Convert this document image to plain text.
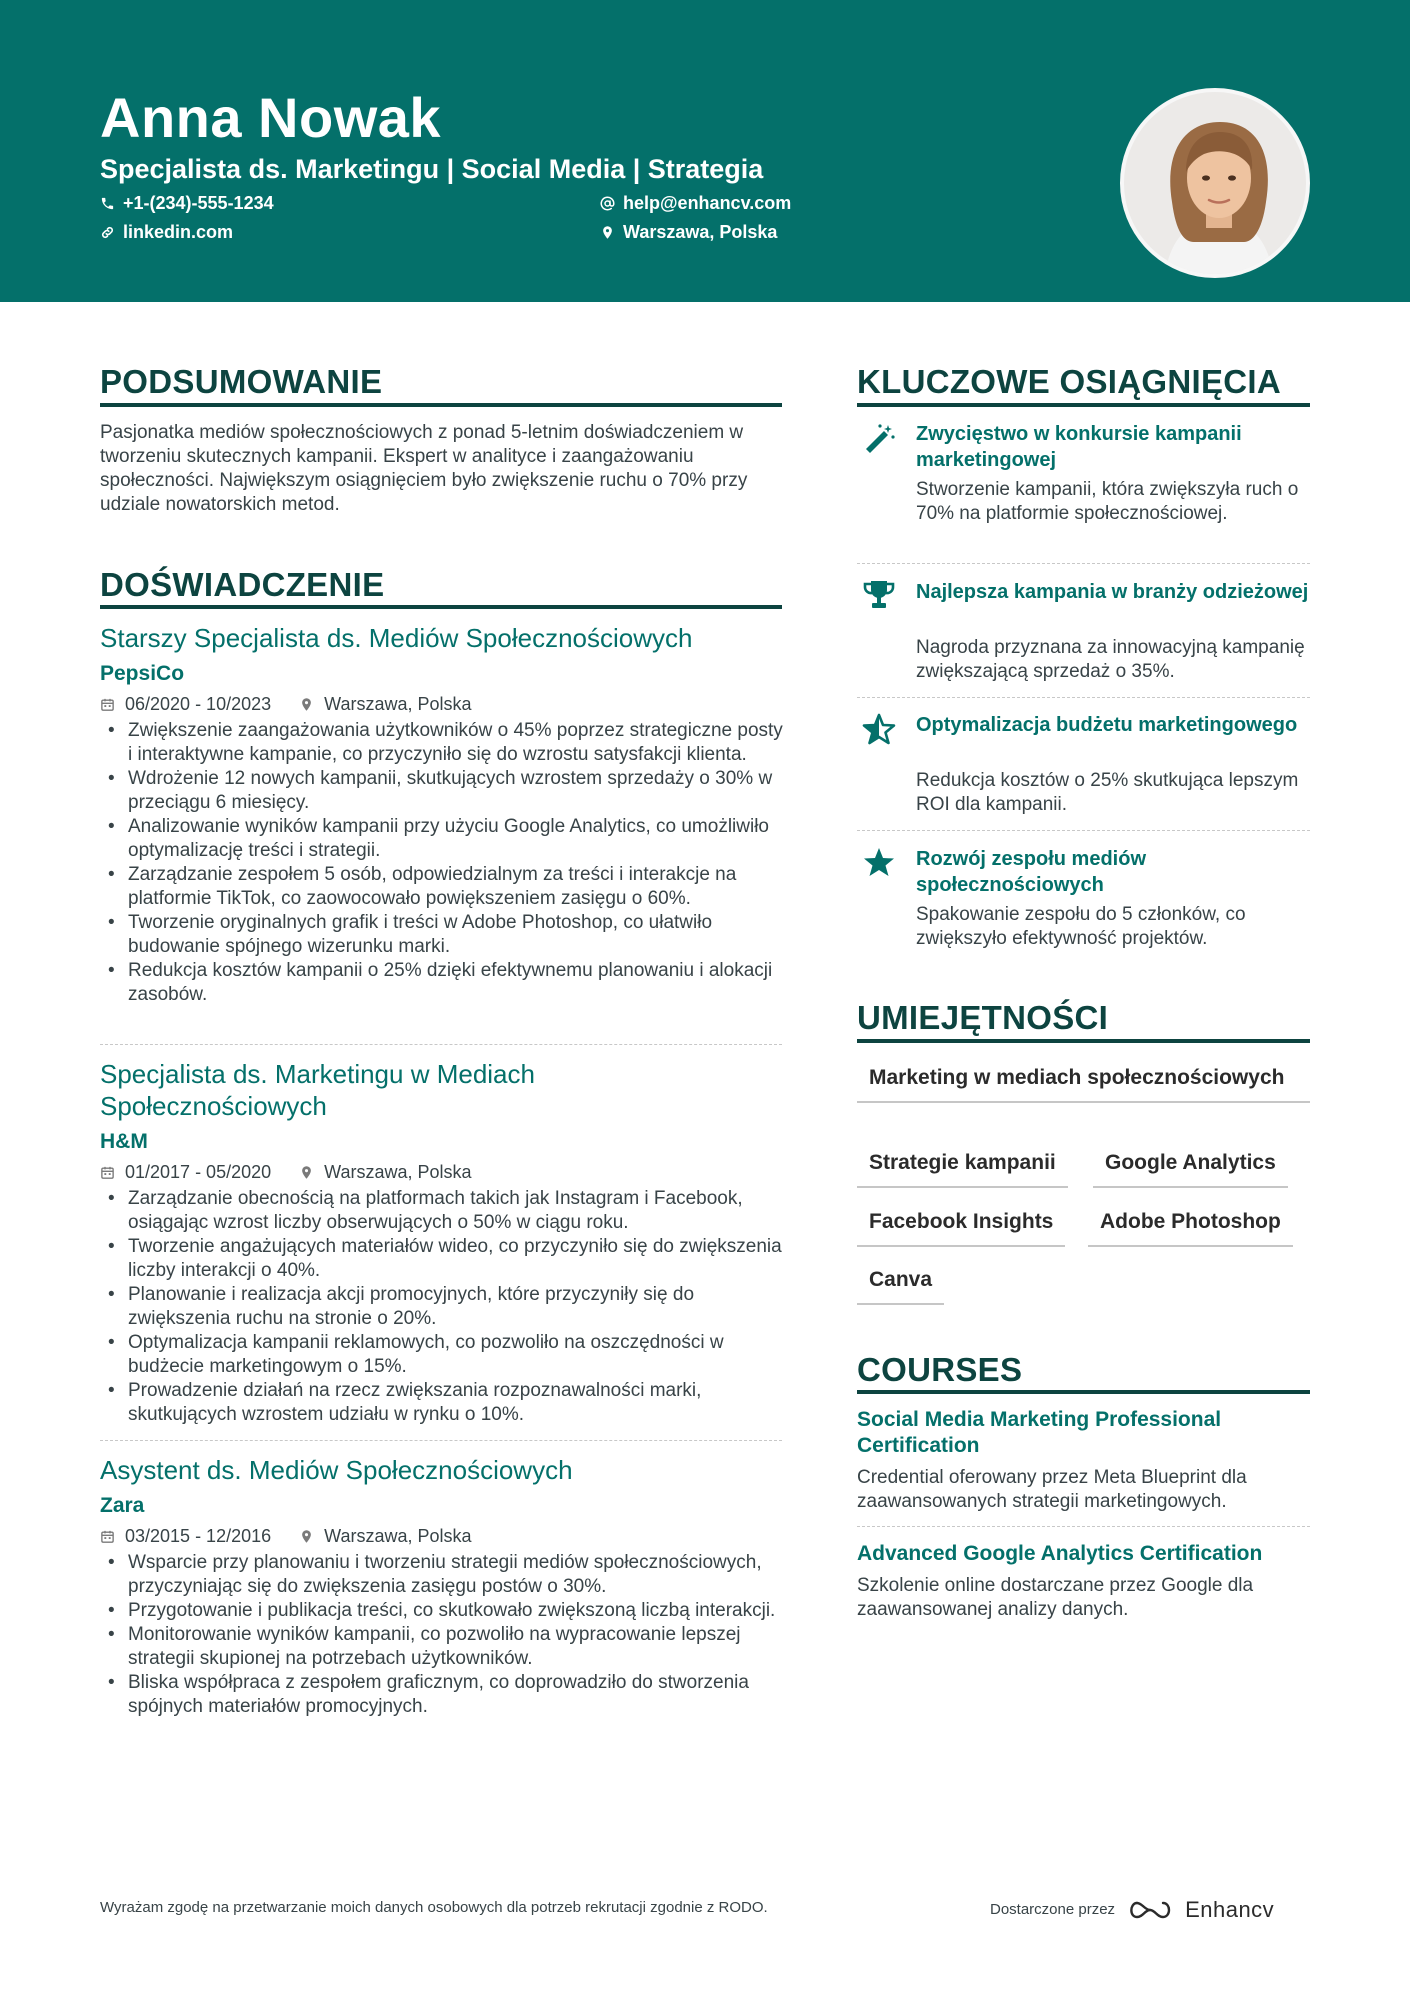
Anna Nowak
Specjalista ds. Marketingu | Social Media | Strategia
+1-(234)-555-1234
linkedin.com
help@enhancv.com
Warszawa, Polska
PODSUMOWANIE
Pasjonatka mediów społecznościowych z ponad 5-letnim doświadczeniem w tworzeniu skutecznych kampanii. Ekspert w analityce i zaangażowaniu społeczności. Największym osiągnięciem było zwiększenie ruchu o 70% przy udziale nowatorskich metod.
DOŚWIADCZENIE
Starszy Specjalista ds. Mediów Społecznościowych
PepsiCo
06/2020 - 10/2023	Warszawa, Polska
• Zwiększenie zaangażowania użytkowników o 45% poprzez strategiczne posty i interaktywne kampanie, co przyczyniło się do wzrostu satysfakcji klienta.
• Wdrożenie 12 nowych kampanii, skutkujących wzrostem sprzedaży o 30% w przeciągu 6 miesięcy.
• Analizowanie wyników kampanii przy użyciu Google Analytics, co umożliwiło optymalizację treści i strategii.
• Zarządzanie zespołem 5 osób, odpowiedzialnym za treści i interakcje na platformie TikTok, co zaowocowało powiększeniem zasięgu o 60%.
• Tworzenie oryginalnych grafik i treści w Adobe Photoshop, co ułatwiło budowanie spójnego wizerunku marki.
• Redukcja kosztów kampanii o 25% dzięki efektywnemu planowaniu i alokacji zasobów.
Specjalista ds. Marketingu w Mediach Społecznościowych
H&M
01/2017 - 05/2020	Warszawa, Polska
• Zarządzanie obecnością na platformach takich jak Instagram i Facebook, osiągając wzrost liczby obserwujących o 50% w ciągu roku.
• Tworzenie angażujących materiałów wideo, co przyczyniło się do zwiększenia liczby interakcji o 40%.
• Planowanie i realizacja akcji promocyjnych, które przyczyniły się do zwiększenia ruchu na stronie o 20%.
• Optymalizacja kampanii reklamowych, co pozwoliło na oszczędności w budżecie marketingowym o 15%.
• Prowadzenie działań na rzecz zwiększania rozpoznawalności marki, skutkujących wzrostem udziału w rynku o 10%.
Asystent ds. Mediów Społecznościowych
Zara
03/2015 - 12/2016	Warszawa, Polska
• Wsparcie przy planowaniu i tworzeniu strategii mediów społecznościowych, przyczyniając się do zwiększenia zasięgu postów o 30%.
• Przygotowanie i publikacja treści, co skutkowało zwiększoną liczbą interakcji.
• Monitorowanie wyników kampanii, co pozwoliło na wypracowanie lepszej strategii skupionej na potrzebach użytkowników.
• Bliska współpraca z zespołem graficznym, co doprowadziło do stworzenia spójnych materiałów promocyjnych.
KLUCZOWE OSIĄGNIĘCIA
Zwycięstwo w konkursie kampanii marketingowej
Stworzenie kampanii, która zwiększyła ruch o 70% na platformie społecznościowej.
Najlepsza kampania w branży odzieżowej
Nagroda przyznana za innowacyjną kampanię zwiększającą sprzedaż o 35%.
Optymalizacja budżetu marketingowego
Redukcja kosztów o 25% skutkująca lepszym ROI dla kampanii.
Rozwój zespołu mediów społecznościowych
Spakowanie zespołu do 5 członków, co zwiększyło efektywność projektów.
UMIEJĘTNOŚCI
Marketing w mediach społecznościowych
Strategie kampanii	Google Analytics
Facebook Insights	Adobe Photoshop
Canva
COURSES
Social Media Marketing Professional Certification
Credential oferowany przez Meta Blueprint dla zaawansowanych strategii marketingowych.
Advanced Google Analytics Certification
Szkolenie online dostarczane przez Google dla zaawansowanej analizy danych.
Wyrażam zgodę na przetwarzanie moich danych osobowych dla potrzeb rekrutacji zgodnie z RODO.	Dostarczone przez	Enhancv
